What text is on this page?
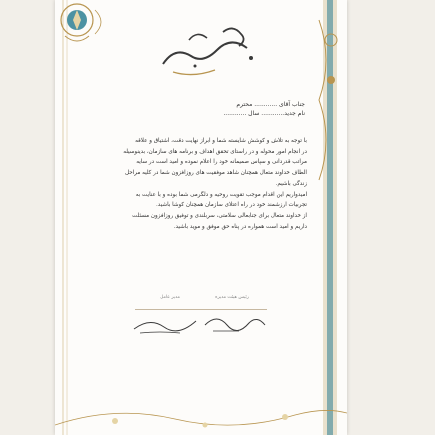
جناب آقای ............ محترم
نام جدید............ سال ............

با توجه به تلاش و کوشش شایسته شما و ابراز نهایت دقت، اشتیاق و علاقه

در انجام امور محوله و در راستای تحقق اهداف و برنامه های سازمان، بدینوسیله

مراتب قدردانی و سپاس صمیمانه خود را اعلام نموده و امید است در سایه

الطاف خداوند متعال همچنان شاهد موفقیت های روزافزون شما در کلیه مراحل

زندگی باشیم.

امیدواریم این اقدام موجب تقویت روحیه و دلگرمی شما بوده و با عنایت به

تجربیات ارزشمند خود در راه اعتلای سازمان همچنان کوشا باشید.

از خداوند متعال برای جنابعالی سلامتی، سربلندی و توفیق روزافزون مسئلت

داریم و امید است همواره در پناه حق موفق و موید باشید.

مدیر عامل	رئیس هیئت مدیره
